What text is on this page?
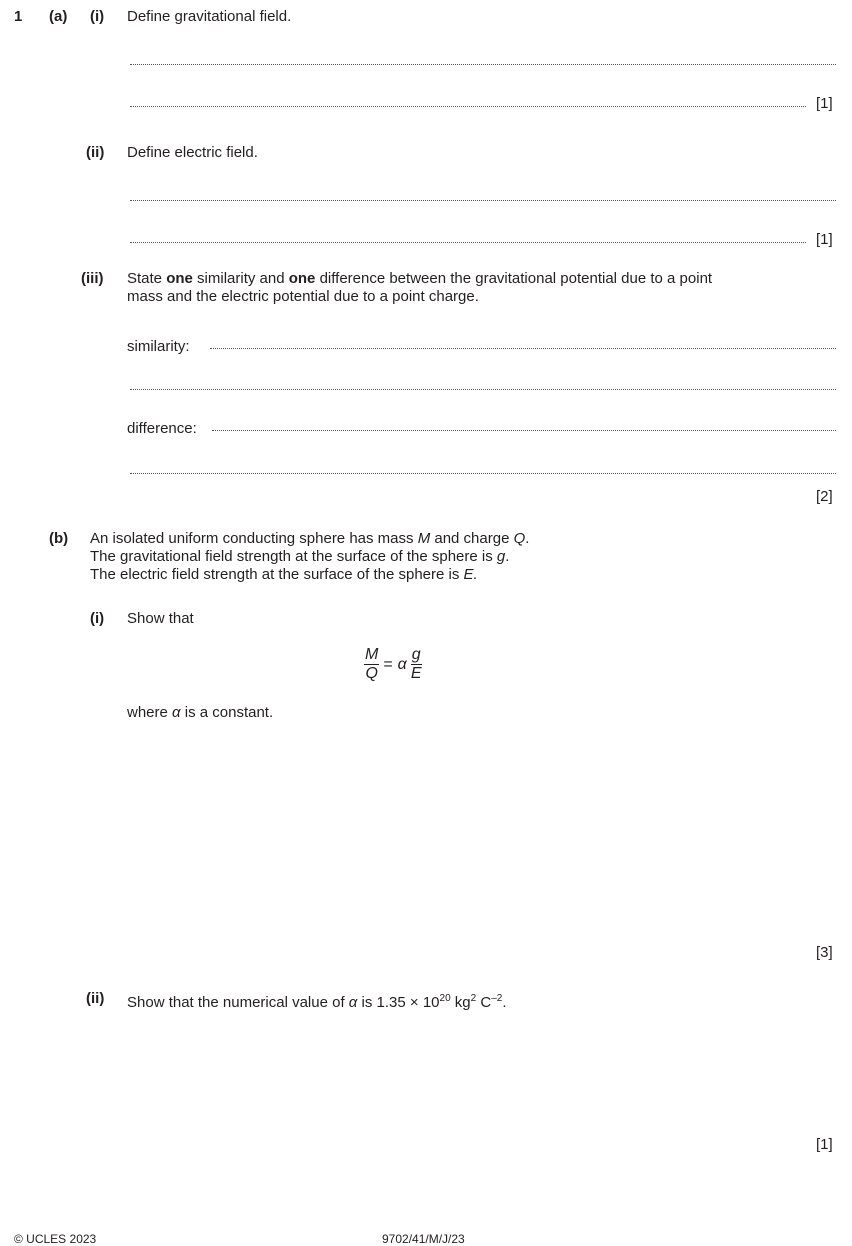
1 (a) (i) Define gravitational field.
[1]
(ii) Define electric field.
[1]
(iii) State one similarity and one difference between the gravitational potential due to a point
mass and the electric potential due to a point charge.
similarity:
difference:
[2]
(b) An isolated uniform conducting sphere has mass M and charge Q.
The gravitational field strength at the surface of the sphere is g.
The electric field strength at the surface of the sphere is E.
(i) Show that
$\frac{M}{Q} = \alpha \frac{g}{E}$
where α is a constant.
[3]
(ii) Show that the numerical value of α is $1.35 \times 10^{20}$ $kg^2$ $C^{-2}$.
[1]
© UCLES 2023	9702/41/M/J/23
